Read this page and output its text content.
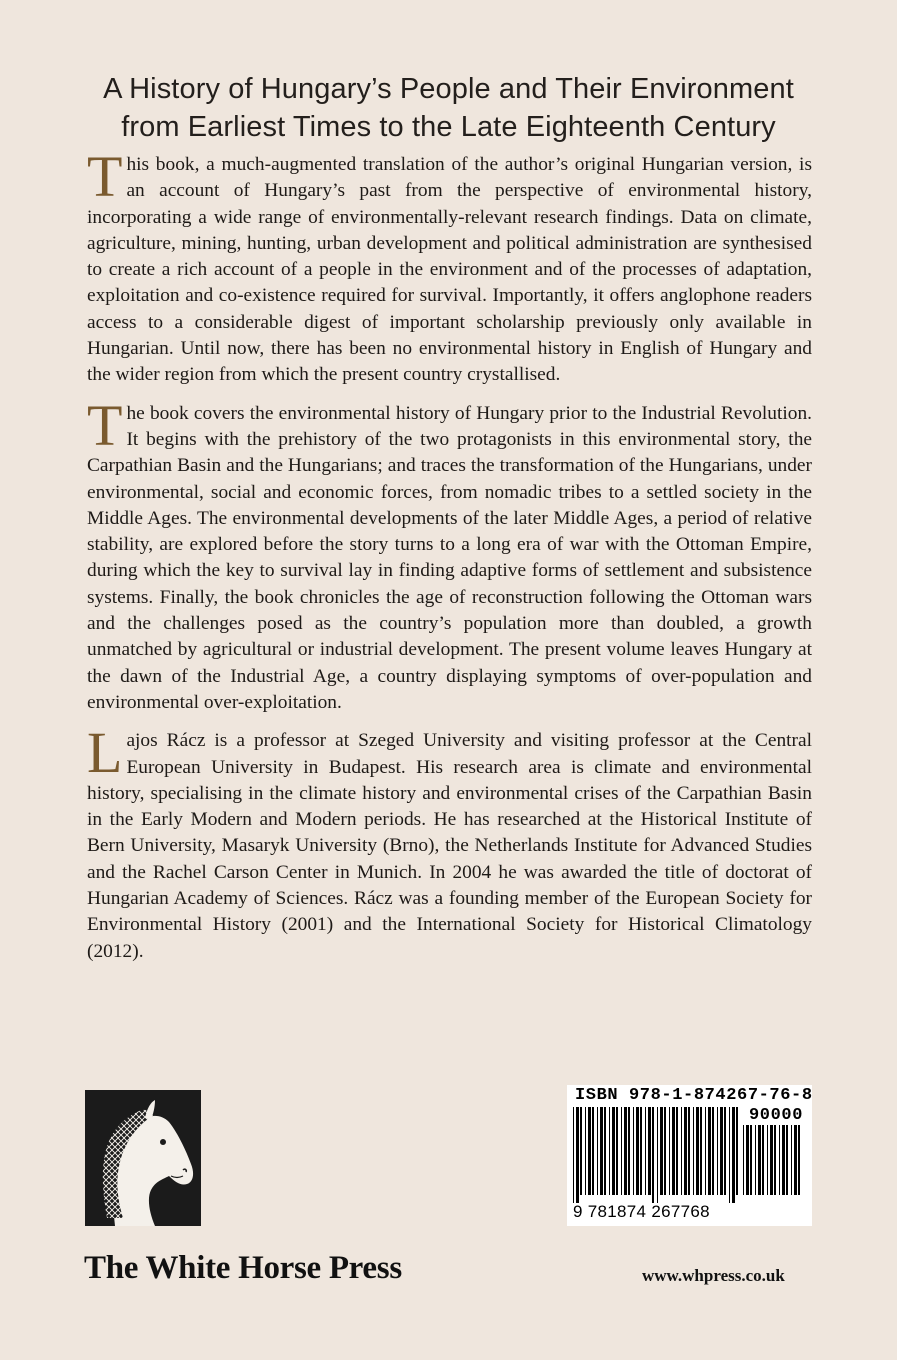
A History of Hungary’s People and Their Environment
from Earliest Times to the Late Eighteenth Century

This book, a much-augmented translation of the author’s original Hungarian version, is an account of Hungary’s past from the perspective of environmental history, incorporating a wide range of environmentally-relevant research findings. Data on climate, agriculture, mining, hunting, urban development and political administration are synthesised to create a rich account of a people in the environment and of the processes of adaptation, exploitation and co-existence required for survival. Importantly, it offers anglophone readers access to a considerable digest of important scholarship previously only available in Hungarian. Until now, there has been no environmental history in English of Hungary and the wider region from which the present country crystallised.

The book covers the environmental history of Hungary prior to the Industrial Revolution. It begins with the prehistory of the two protagonists in this environmental story, the Carpathian Basin and the Hungarians; and traces the transformation of the Hungarians, under environmental, social and economic forces, from nomadic tribes to a settled society in the Middle Ages. The environmental developments of the later Middle Ages, a period of relative stability, are explored before the story turns to a long era of war with the Ottoman Empire, during which the key to survival lay in finding adaptive forms of settlement and subsistence systems. Finally, the book chronicles the age of reconstruction following the Ottoman wars and the challenges posed as the country’s population more than doubled, a growth unmatched by agricultural or industrial development. The present volume leaves Hungary at the dawn of the Industrial Age, a country displaying symptoms of over-population and environmental over-exploitation.

Lajos Rácz is a professor at Szeged University and visiting professor at the Central European University in Budapest. His research area is climate and environmental history, specialising in the climate history and environmental crises of the Carpathian Basin in the Early Modern and Modern periods. He has researched at the Historical Institute of Bern University, Masaryk University (Brno), the Netherlands Institute for Advanced Studies and the Rachel Carson Center in Munich. In 2004 he was awarded the title of doctorat of Hungarian Academy of Sciences. Rácz was a founding member of the European Society for Environmental History (2001) and the International Society for Historical Climatology (2012).

ISBN 978-1-874267-76-8
90000
9 781874 267768
The White Horse Press	www.whpress.co.uk
